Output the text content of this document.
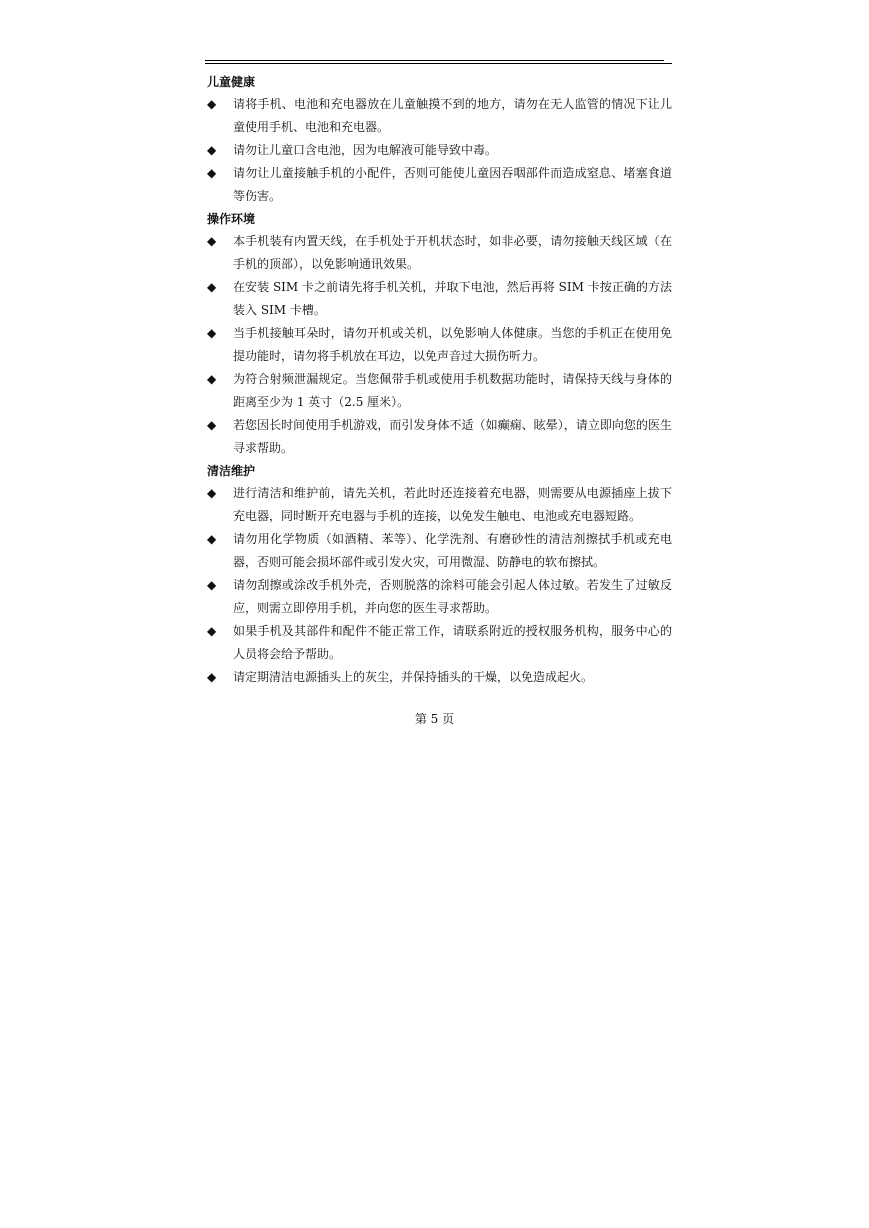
儿童健康
◆ 请将手机、电池和充电器放在儿童触摸不到的地方，请勿在无人监管的情况下让儿童使用手机、电池和充电器。
◆ 请勿让儿童口含电池，因为电解液可能导致中毒。
◆ 请勿让儿童接触手机的小配件，否则可能使儿童因吞咽部件而造成窒息、堵塞食道等伤害。
操作环境
◆ 本手机装有内置天线，在手机处于开机状态时，如非必要，请勿接触天线区域（在手机的顶部），以免影响通讯效果。
◆ 在安装 SIM 卡之前请先将手机关机，并取下电池，然后再将 SIM 卡按正确的方法装入 SIM 卡槽。
◆ 当手机接触耳朵时，请勿开机或关机，以免影响人体健康。当您的手机正在使用免提功能时，请勿将手机放在耳边，以免声音过大损伤听力。
◆ 为符合射频泄漏规定。当您佩带手机或使用手机数据功能时，请保持天线与身体的距离至少为 1 英寸（2.5 厘米）。
◆ 若您因长时间使用手机游戏，而引发身体不适（如癫痫、眩晕），请立即向您的医生寻求帮助。
清洁维护
◆ 进行清洁和维护前，请先关机，若此时还连接着充电器，则需要从电源插座上拔下充电器，同时断开充电器与手机的连接，以免发生触电、电池或充电器短路。
◆ 请勿用化学物质（如酒精、苯等）、化学洗剂、有磨砂性的清洁剂擦拭手机或充电器，否则可能会损坏部件或引发火灾，可用微湿、防静电的软布擦拭。
◆ 请勿刮擦或涂改手机外壳，否则脱落的涂料可能会引起人体过敏。若发生了过敏反应，则需立即停用手机，并向您的医生寻求帮助。
◆ 如果手机及其部件和配件不能正常工作，请联系附近的授权服务机构，服务中心的人员将会给予帮助。
◆ 请定期清洁电源插头上的灰尘，并保持插头的干燥，以免造成起火。
第 5 页
